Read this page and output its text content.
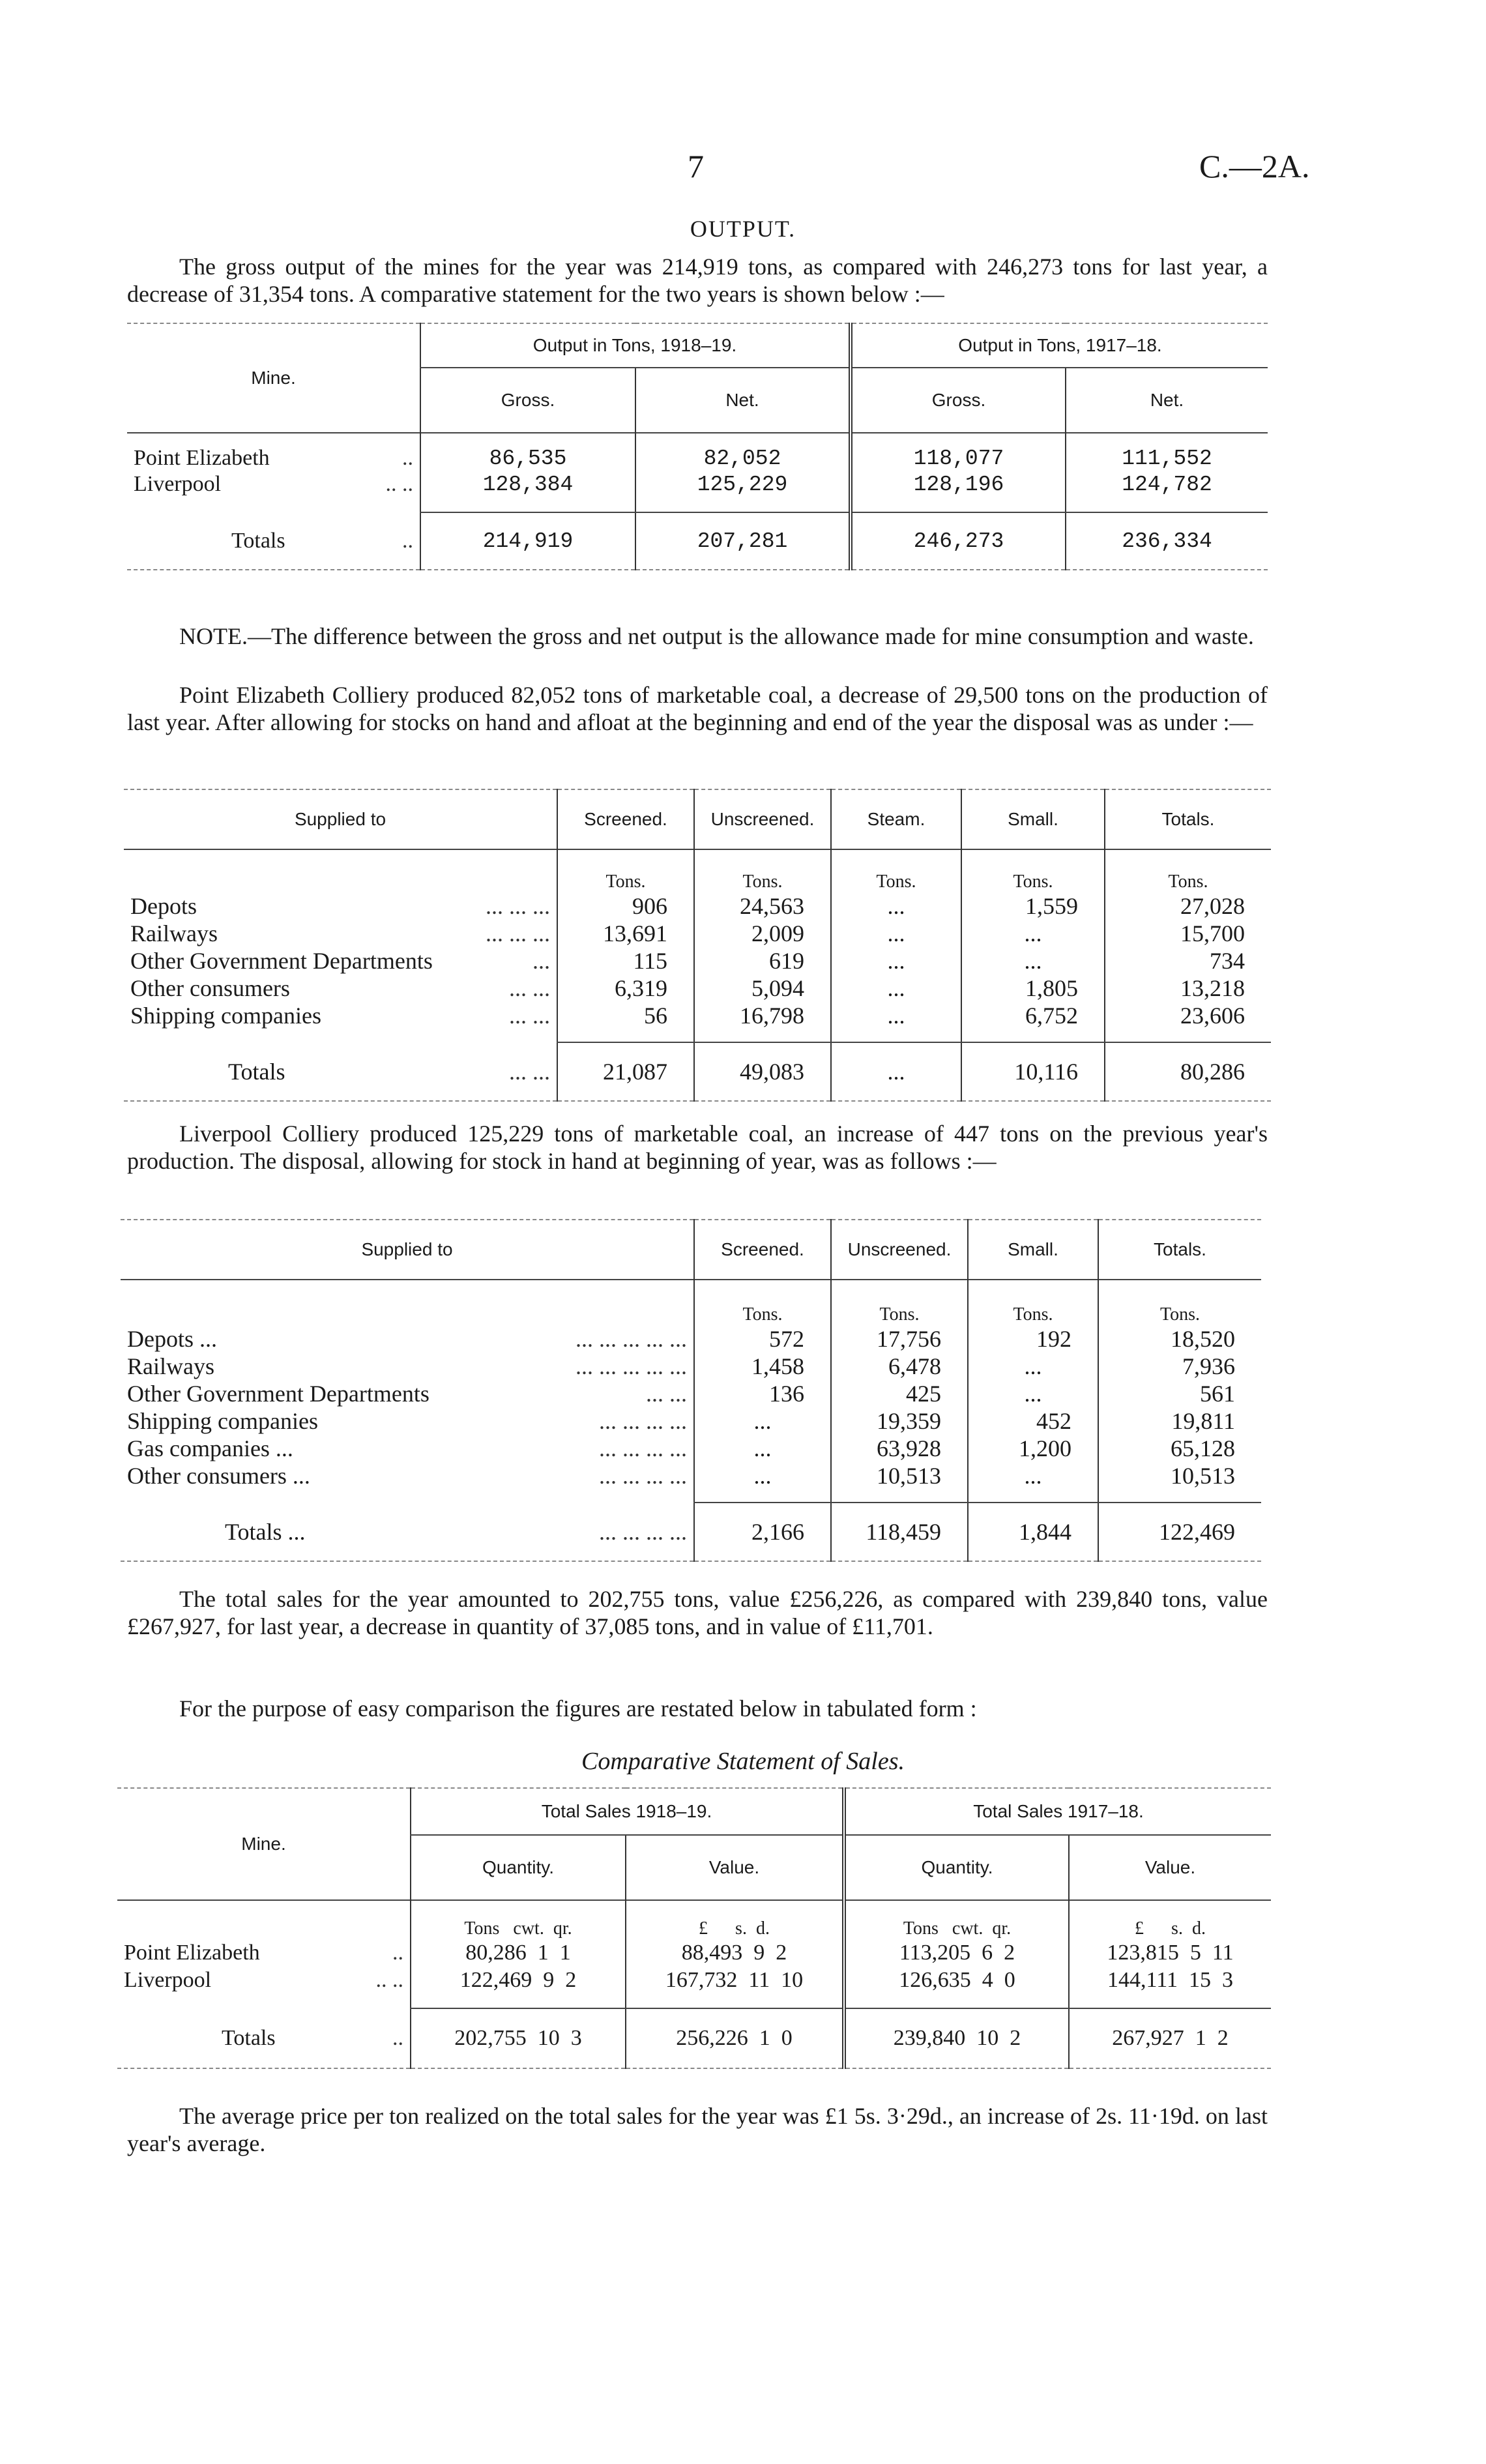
7	C.—2A.
OUTPUT.
The gross output of the mines for the year was 214,919 tons, as compared with 246,273 tons for last year, a decrease of 31,354 tons. A comparative statement for the two years is shown below :—
Mine.	Output in Tons, 1918–19.		Output in Tons, 1917–18.	
	Gross.	Net.	Gross.	Net.
Point Elizabeth ..	86,535	82,052	118,077	111,552
Liverpool .. ..	128,384	125,229	128,196	124,782

Totals ..	214,919	207,281	246,273	236,334
NOTE.—The difference between the gross and net output is the allowance made for mine consumption and waste.
Point Elizabeth Colliery produced 82,052 tons of marketable coal, a decrease of 29,500 tons on the production of last year. After allowing for stocks on hand and afloat at the beginning and end of the year the disposal was as under :—
Supplied to	Screened.	Unscreened.	Steam.	Small.	Totals.
	Tons.	Tons.	Tons.	Tons.	Tons.
Depots ... ... ...	906	24,563	...	1,559	27,028
Railways ... ... ...	13,691	2,009	...	...	15,700
Other Government Departments ...	115	619	...	...	734
Other consumers ... ...	6,319	5,094	...	1,805	13,218
Shipping companies ... ...	56	16,798	...	6,752	23,606

Totals ... ...	21,087	49,083	...	10,116	80,286
Liverpool Colliery produced 125,229 tons of marketable coal, an increase of 447 tons on the previous year's production. The disposal, allowing for stock in hand at beginning of year, was as follows :—
Supplied to	Screened.	Unscreened.	Small.	Totals.
	Tons.	Tons.	Tons.	Tons.
Depots ... ... ... ... ... ...	572	17,756	192	18,520
Railways ... ... ... ... ...	1,458	6,478	...	7,936
Other Government Departments ... ...	136	425	...	561
Shipping companies ... ... ... ...	...	19,359	452	19,811
Gas companies ... ... ... ... ...	...	63,928	1,200	65,128
Other consumers ... ... ... ... ...	...	10,513	...	10,513

Totals ... ... ... ... ...	2,166	118,459	1,844	122,469
The total sales for the year amounted to 202,755 tons, value £256,226, as compared with 239,840 tons, value £267,927, for last year, a decrease in quantity of 37,085 tons, and in value of £11,701.
For the purpose of easy comparison the figures are restated below in tabulated form :
Comparative Statement of Sales.
Mine.	Total Sales 1918–19.		Total Sales 1917–18.	
	Quantity.	Value.	Quantity.	Value.
	Tons cwt. qr.	£ s. d.	Tons cwt. qr.	£ s. d.
Point Elizabeth ..	80,286 1 1	88,493 9 2	113,205 6 2	123,815 5 11
Liverpool .. ..	122,469 9 2	167,732 11 10	126,635 4 0	144,111 15 3

Totals ..	202,755 10 3	256,226 1 0	239,840 10 2	267,927 1 2
The average price per ton realized on the total sales for the year was £1 5s. 3·29d., an increase of 2s. 11·19d. on last year's average.
